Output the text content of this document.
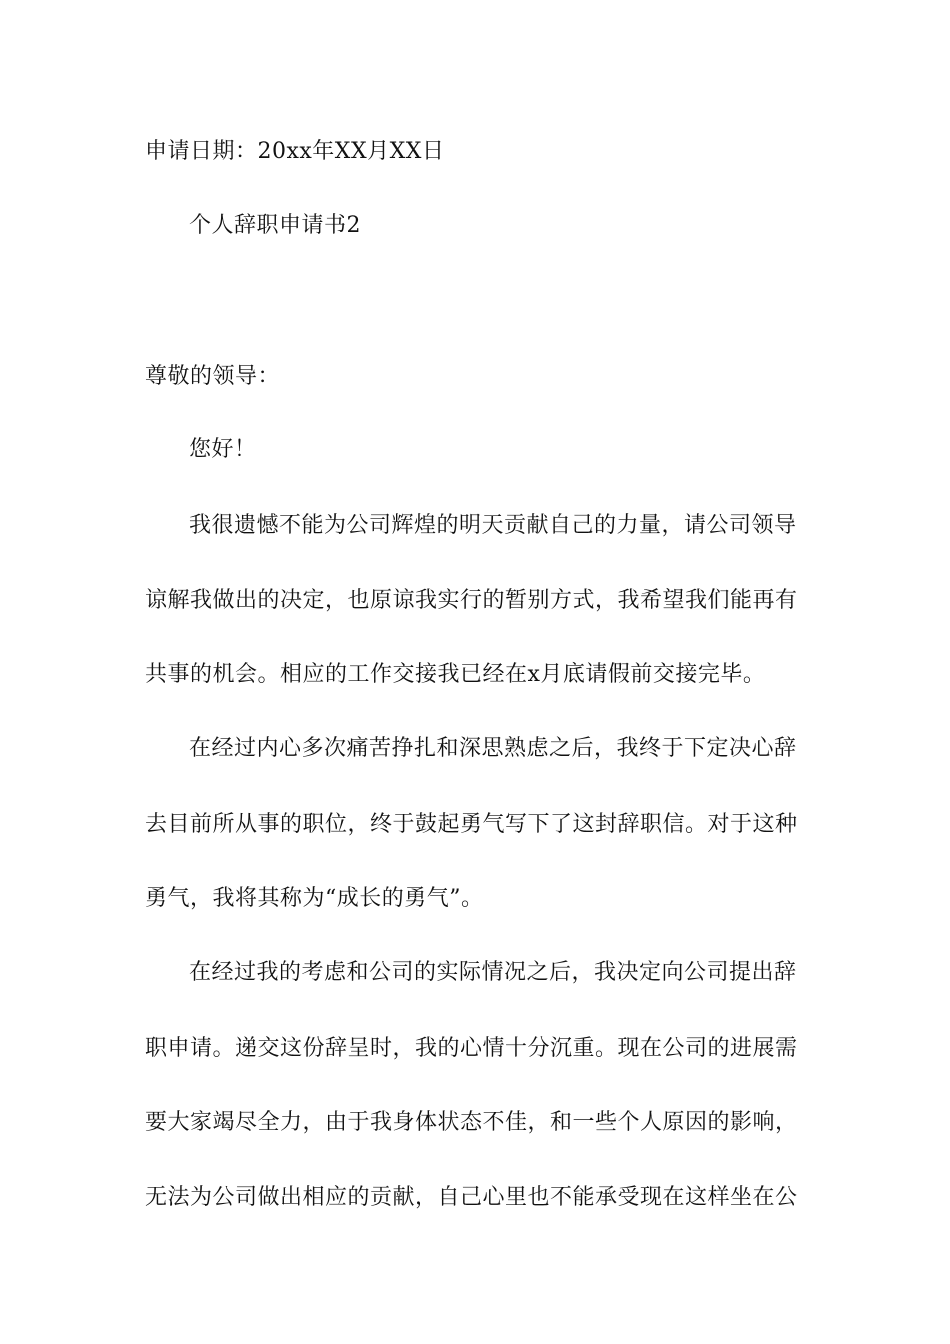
申请日期：20xx年XX月XX日
个人辞职申请书2
尊敬的领导：
您好！
我很遗憾不能为公司辉煌的明天贡献自己的力量，请公司领导
谅解我做出的决定，也原谅我实行的暂别方式，我希望我们能再有
共事的机会。相应的工作交接我已经在x月底请假前交接完毕。
在经过内心多次痛苦挣扎和深思熟虑之后，我终于下定决心辞
去目前所从事的职位，终于鼓起勇气写下了这封辞职信。对于这种
勇气，我将其称为“成长的勇气”。
在经过我的考虑和公司的实际情况之后，我决定向公司提出辞
职申请。递交这份辞呈时，我的心情十分沉重。现在公司的进展需
要大家竭尽全力，由于我身体状态不佳，和一些个人原因的影响，
无法为公司做出相应的贡献，自己心里也不能承受现在这样坐在公
